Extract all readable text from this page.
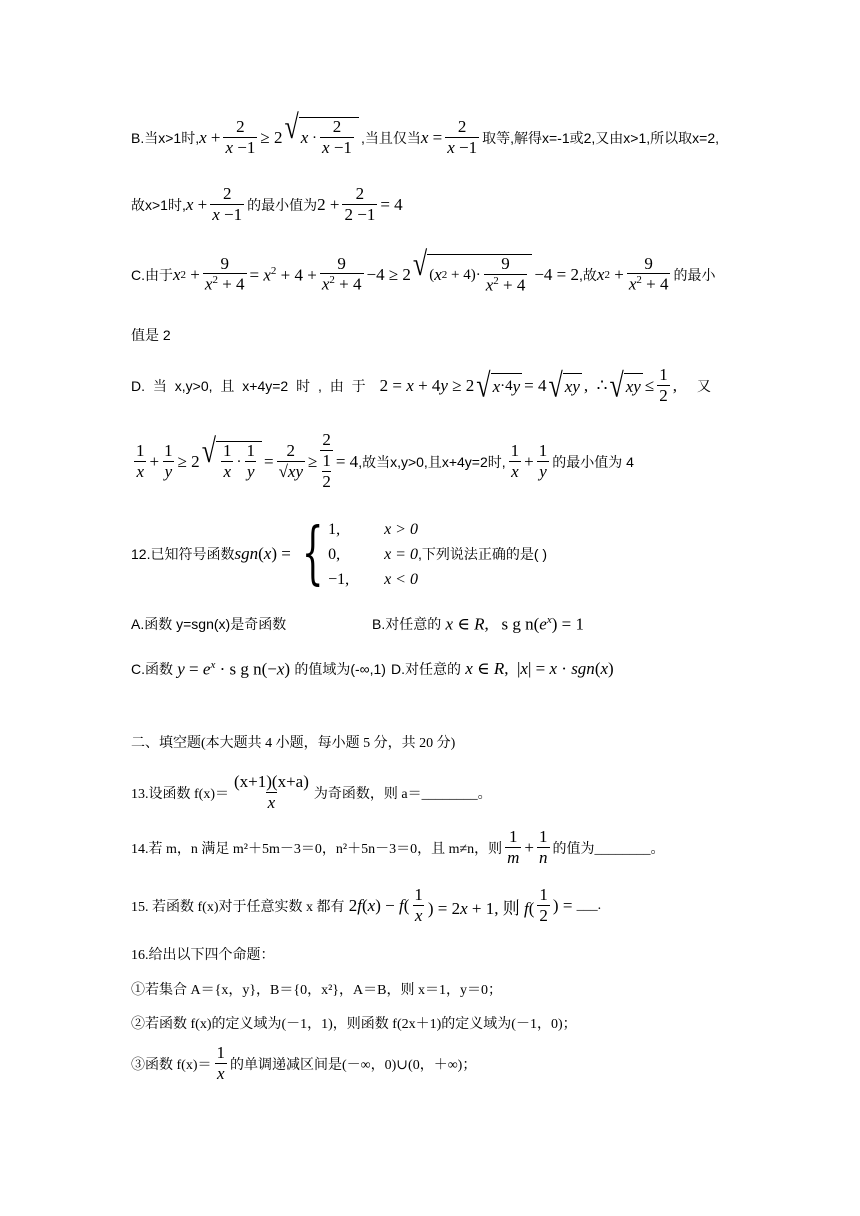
B.当x>1时, $x + \frac{2}{x -1} \ge 2$ √ $x \cdot \frac{2}{x -1}$ ,当且仅当 $x = \frac{2}{x -1}$ 取等,解得x=-1或2,又由x>1,所以取x=2,
故x>1时, $x + \frac{2}{x -1}$ 的最小值为 $2 + \frac{2}{2 -1} = 4$
C.由于 x $2 + \frac{9}{x^2 + 4} = x^2 + 4 + \frac{9}{x^2 + 4} -4 \ge 2$ √ ( x $2 + 4)\cdot \frac{9}{x^2 + 4} -4 = 2$ ,故 x $2 + \frac{9}{x^2 + 4}$ 的最小
值是 2
D. 当 x,y>0, 且 x+4y=2 时 , 由 于 2 = x + 4y ≥ 2 √ x ·4 y = 4 √ xy ,  ∴ √ xy ≤ $\frac{1}{2}$ , 又
$\frac{1}{x} + \frac{1}{y} \ge 2$ √ $\frac{1}{x} \cdot \frac{1}{y} = \frac{2}{√xy} \ge \frac{2}{\frac{1}{2}} = 4$ ,故当x,y>0,且x+4y=2时, $\frac{1}{x} + \frac{1}{y}$ 的最小值为 4
12.已知符号函数 sgn (x) = { 1,	x > 0
0,	x = 0
−1,	x < 0
,下列说法正确的是( )
A.函数 y=sgn(x)是奇函数	B.对任意的 x ∈ R,   s g $n(e^x) = 1$
C.函数 $y = e^x \cdot s$ g n(−x) 的值域为(-∞,1) D.对任意的 x ∈ R,  |x| = x · sgn(x)
二、填空题(本大题共 4 小题，每小题 5 分，共 20 分)
13.设函数 $f(x)= \frac{(x+1)(x+a)}{x}$ 为奇函数，则 a＝________。
14.若 m，n 满足 m²＋5m－3＝0，n²＋5n－3＝0，且 m≠n，则 $\frac{1}{m} + \frac{1}{n}$ 的值为________。
15. 若函数 f(x)对于任意实数 x 都有 $2f(x) - f( \frac{1}{x}$ ) = 2x + 1, 则 $f( \frac{1}{2}$ ) = ___.
16.给出以下四个命题：
①若集合 A＝{x，y}，B＝{0，x²}，A＝B，则 x＝1，y＝0；
②若函数 f(x)的定义域为(－1，1)，则函数 f(2x＋1)的定义域为(－1，0)；
③函数 $f(x)= \frac{1}{x}$ 的单调递减区间是(－∞，0)∪(0，＋∞)；
